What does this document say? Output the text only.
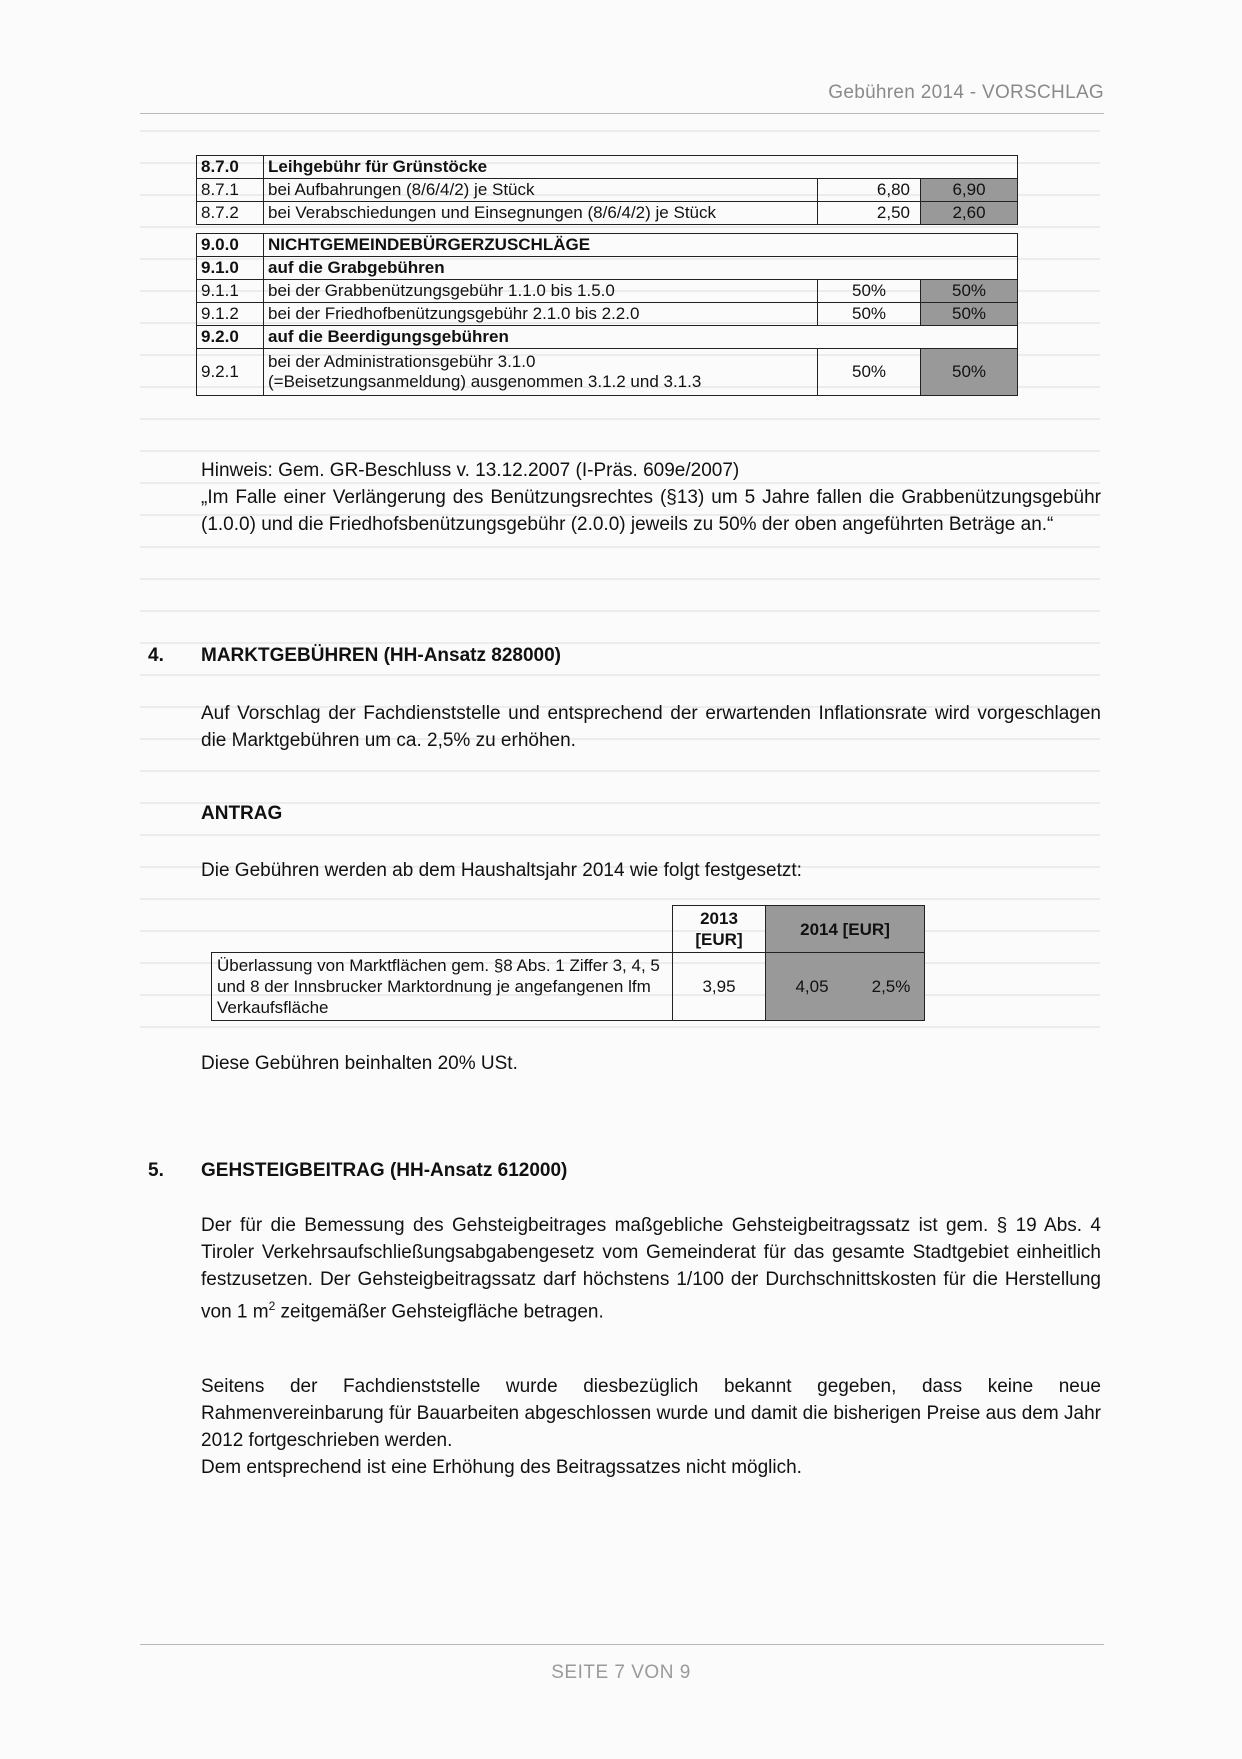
Gebühren 2014 - VORSCHLAG
8.7.0	Leihgebühr für Grünstöcke		
8.7.1	bei Aufbahrungen (8/6/4/2) je Stück	6,80	6,90
8.7.2	bei Verabschiedungen und Einsegnungen (8/6/4/2) je Stück	2,50	2,60

9.0.0	NICHTGEMEINDEBÜRGERZUSCHLÄGE		
9.1.0	auf die Grabgebühren		
9.1.1	bei der Grabbenützungsgebühr 1.1.0 bis 1.5.0	50%	50%
9.1.2	bei der Friedhofbenützungsgebühr 2.1.0 bis 2.2.0	50%	50%
9.2.0	auf die Beerdigungsgebühren		
9.2.1	bei der Administrationsgebühr 3.1.0
(=Beisetzungsanmeldung) ausgenommen 3.1.2 und 3.1.3	50%	50%
Hinweis: Gem. GR-Beschluss v. 13.12.2007 (I-Präs. 609e/2007)
„Im Falle einer Verlängerung des Benützungsrechtes (§13) um 5 Jahre fallen die Grabbenützungsgebühr (1.0.0) und die Friedhofsbenützungsgebühr (2.0.0) jeweils zu 50% der oben angeführten Beträge an.“
4. MARKTGEBÜHREN (HH-Ansatz 828000)
Auf Vorschlag der Fachdienststelle und entsprechend der erwartenden Inflationsrate wird vorgeschlagen die Marktgebühren um ca. 2,5% zu erhöhen.
ANTRAG
Die Gebühren werden ab dem Haushaltsjahr 2014 wie folgt festgesetzt:
	2013 [EUR]	2014 [EUR]	
Überlassung von Marktflächen gem. §8 Abs. 1 Ziffer 3, 4, 5 und 8 der Innsbrucker Marktordnung je angefangenen lfm Verkaufsfläche	3,95	4,05	2,5%
Diese Gebühren beinhalten 20% USt.
5. GEHSTEIGBEITRAG (HH-Ansatz 612000)

Der für die Bemessung des Gehsteigbeitrages maßgebliche Gehsteigbeitragssatz ist gem. § 19 Abs. 4 Tiroler Verkehrsaufschließungsabgabengesetz vom Gemeinderat für das gesamte Stadtgebiet einheitlich festzusetzen. Der Gehsteigbeitragssatz darf höchstens 1/100 der Durchschnittskosten für die Herstellung von 1 $m^2$ zeitgemäßer Gehsteigfläche betragen.

Seitens der Fachdienststelle wurde diesbezüglich bekannt gegeben, dass keine neue Rahmenvereinbarung für Bauarbeiten abgeschlossen wurde und damit die bisherigen Preise aus dem Jahr 2012 fortgeschrieben werden.
Dem entsprechend ist eine Erhöhung des Beitragssatzes nicht möglich.
SEITE 7 VON 9
